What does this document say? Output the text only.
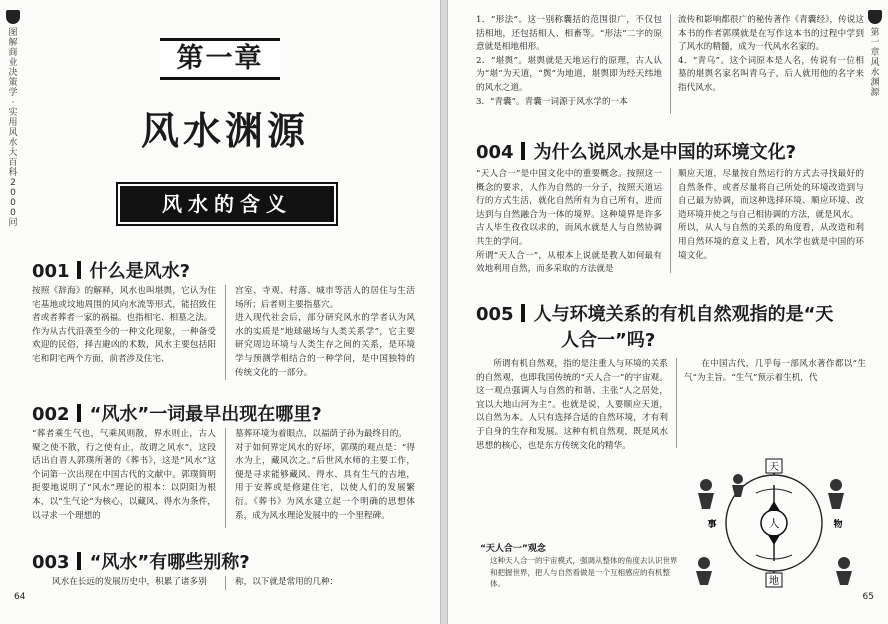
图解商业决策学·实用风水大百科2000问
第一章
风水渊源
风水的含义
001 什么是风水?
按照《辞海》的解释，风水也叫堪舆，它认为住宅基地或坟地周围的风向水流等形式，能招致住者或者葬者一家的祸福。也指相宅、相墓之法。
作为从古代沿袭至今的一种文化现象，一种备受欢迎的民俗，择吉避凶的术数，风水主要包括阳宅和阴宅两个方面，前者涉及住宅、
宫室、寺观、村落、城市等活人的居住与生活场所；后者则主要指墓穴。
进入现代社会后，部分研究风水的学者认为风水的实质是“地球磁场与人类关系学”，它主要研究周边环境与人类生存之间的关系，是环境学与预测学相结合的一种学问，是中国独特的传统文化的一部分。
002 “风水”一词最早出现在哪里?
“葬者乘生气也，气乘风则散，界水则止，古人聚之使不散，行之使有止，故谓之风水”，这段话出自晋人郭璞所著的《葬书》，这是“风水”这个词第一次出现在中国古代的文献中。郭璞简明扼要地说明了“风水”理论的根本：以阴阳为根本，以“生气论”为核心，以藏风、得水为条件，以寻求一个理想的
墓葬环境为着眼点，以福荫子孙为最终目的。
对于如何界定风水的好坏，郭璞的观点是：“得水为上，藏风次之。”后世风水师的主要工作，便是寻求能够藏风、得水、具有生气的吉地，用于安葬或是修建住宅，以使人们的发展繁衍。《葬书》为风水建立起一个明确的思想体系，成为风水理论发展中的一个里程碑。
003 “风水”有哪些别称?
风水在长远的发展历史中，积累了诸多别	称，以下就是常用的几种：
64
第一章 风水渊源
1．“形法”。这一别称囊括的范围很广，不仅包括相地，还包括相人、相畜等。“形法”二字的原意就是相地相形。
2．“堪舆”。堪舆就是天地运行的原理，古人认为“堪”为天道，“舆”为地道，堪舆即为经天纬地的风水之道。
3．“青囊”。青囊一词源于风水学的一本
流传和影响都很广的秘传著作《青囊经》，传说这本书的作者郭璞就是在写作这本书的过程中学到了风水的精髓，成为一代风水名家的。
4．“青乌”。这个词原本是人名，传说有一位相墓的堪舆名家名叫青乌子，后人就用他的名字来指代风水。
004 为什么说风水是中国的环境文化?
“天人合一”是中国文化中的重要概念。按照这一概念的要求，人作为自然的一分子，按照天道运行的方式生活，就化自然所有为自己所有，进而达到与自然融合为一体的境界。这种境界是许多古人毕生孜孜以求的，而风水就是人与自然协调共生的学问。
所谓“天人合一”，从根本上说就是教人如何最有效地利用自然，而多采取的方法就是
顺应天道，尽量按自然运行的方式去寻找最好的自然条件，或者尽量将自己所处的环境改造到与自己最为协调，而这种选择环境、顺应环境、改造环境并使之与自己相协调的方法，就是风水。
所以，从人与自然的关系的角度看，从改造和利用自然环境的意义上看，风水学也就是中国的环境文化。
005 人与环境关系的有机自然观指的是“天
人合一”吗?
所谓有机自然观，指的是注重人与环境的关系的自然观，也即我国传统的“天人合一”的宇宙观。这一观点强调人与自然的和谐、主张“人之居处，宜以大地山河为主”。也就是说，人要顺应天道，以自然为本。人只有选择合适的自然环境，才有利于自身的生存和发展。这种有机自然观，既是风水思想的核心，也是东方传统文化的精华。
在中国古代，几乎每一部风水著作都以“生气”为主旨。“生气”预示着生机，代
天
地
人
事	物
“天人合一”观念
这种天人合一的宇宙模式，强调从整体的角度去认识世界和把握世界，把人与自然看做是一个互相感应的有机整体。
65
